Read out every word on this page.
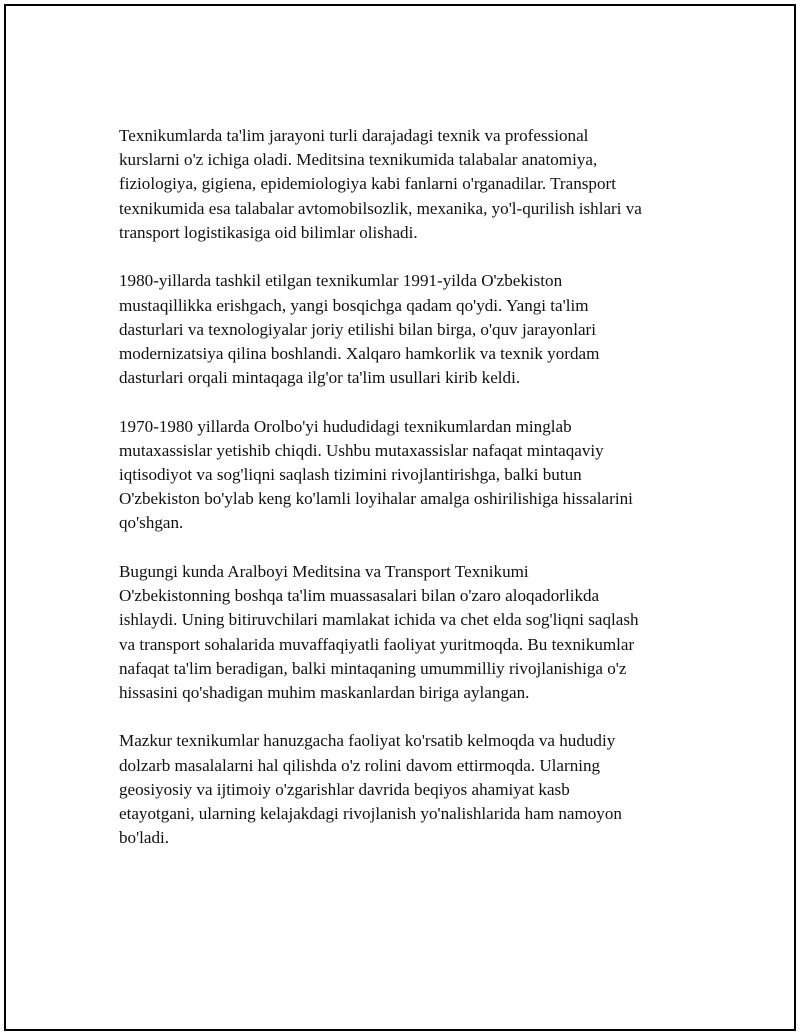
Texnikumlarda ta'lim jarayoni turli darajadagi texnik va professional
kurslarni o'z ichiga oladi. Meditsina texnikumida talabalar anatomiya,
fiziologiya, gigiena, epidemiologiya kabi fanlarni o'rganadilar. Transport
texnikumida esa talabalar avtomobilsozlik, mexanika, yo'l-qurilish ishlari va
transport logistikasiga oid bilimlar olishadi.

1980-yillarda tashkil etilgan texnikumlar 1991-yilda O'zbekiston
mustaqillikka erishgach, yangi bosqichga qadam qo'ydi. Yangi ta'lim
dasturlari va texnologiyalar joriy etilishi bilan birga, o'quv jarayonlari
modernizatsiya qilina boshlandi. Xalqaro hamkorlik va texnik yordam
dasturlari orqali mintaqaga ilg'or ta'lim usullari kirib keldi.

1970-1980 yillarda Orolbo'yi hududidagi texnikumlardan minglab
mutaxassislar yetishib chiqdi. Ushbu mutaxassislar nafaqat mintaqaviy
iqtisodiyot va sog'liqni saqlash tizimini rivojlantirishga, balki butun
O'zbekiston bo'ylab keng ko'lamli loyihalar amalga oshirilishiga hissalarini
qo'shgan.

Bugungi kunda Aralboyi Meditsina va Transport Texnikumi
O'zbekistonning boshqa ta'lim muassasalari bilan o'zaro aloqadorlikda
ishlaydi. Uning bitiruvchilari mamlakat ichida va chet elda sog'liqni saqlash
va transport sohalarida muvaffaqiyatli faoliyat yuritmoqda. Bu texnikumlar
nafaqat ta'lim beradigan, balki mintaqaning umummilliy rivojlanishiga o'z
hissasini qo'shadigan muhim maskanlardan biriga aylangan.

Mazkur texnikumlar hanuzgacha faoliyat ko'rsatib kelmoqda va hududiy
dolzarb masalalarni hal qilishda o'z rolini davom ettirmoqda. Ularning
geosiyosiy va ijtimoiy o'zgarishlar davrida beqiyos ahamiyat kasb
etayotgani, ularning kelajakdagi rivojlanish yo'nalishlarida ham namoyon
bo'ladi.
